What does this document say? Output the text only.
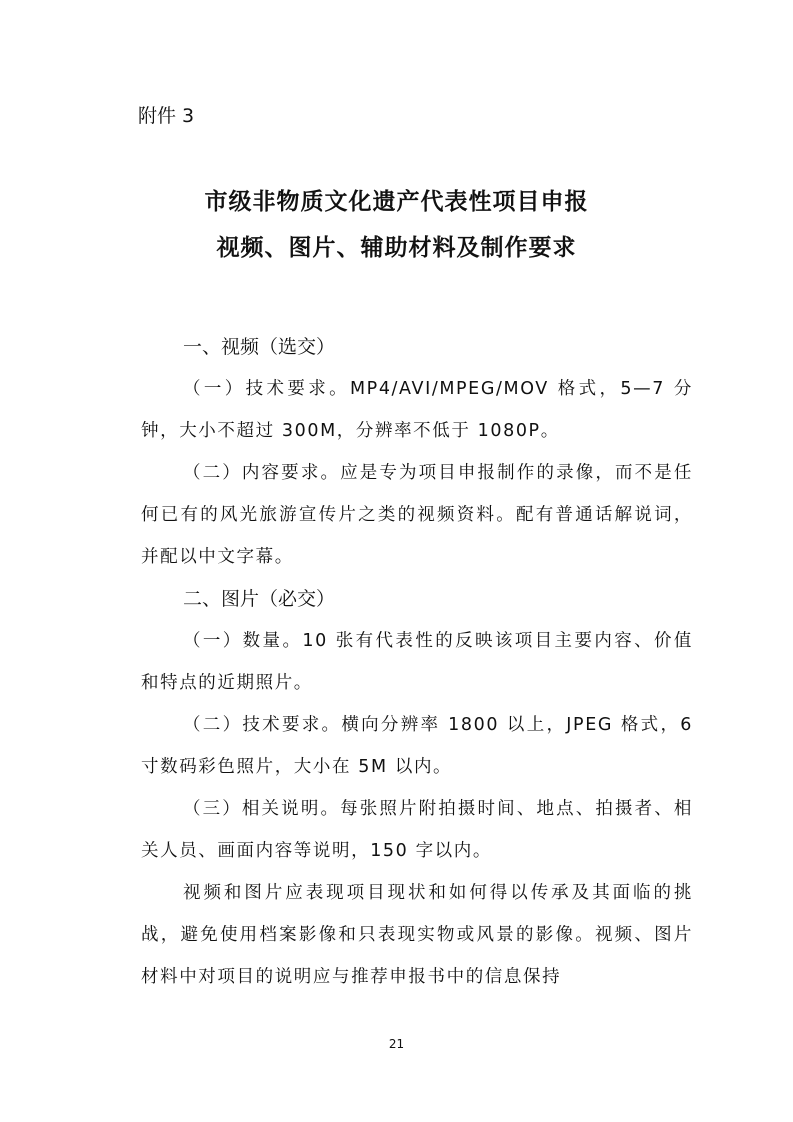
附件 3
市级非物质文化遗产代表性项目申报
视频、图片、辅助材料及制作要求
一、视频（选交）

（一）技术要求。MP4/AVI/MPEG/MOV 格式，5—7 分钟，大小不超过 300M，分辨率不低于 1080P。

（二）内容要求。应是专为项目申报制作的录像，而不是任何已有的风光旅游宣传片之类的视频资料。配有普通话解说词，并配以中文字幕。

二、图片（必交）

（一）数量。10 张有代表性的反映该项目主要内容、价值和特点的近期照片。

（二）技术要求。横向分辨率 1800 以上，JPEG 格式，6 寸数码彩色照片，大小在 5M 以内。

（三）相关说明。每张照片附拍摄时间、地点、拍摄者、相关人员、画面内容等说明，150 字以内。

视频和图片应表现项目现状和如何得以传承及其面临的挑战，避免使用档案影像和只表现实物或风景的影像。视频、图片材料中对项目的说明应与推荐申报书中的信息保持

21
